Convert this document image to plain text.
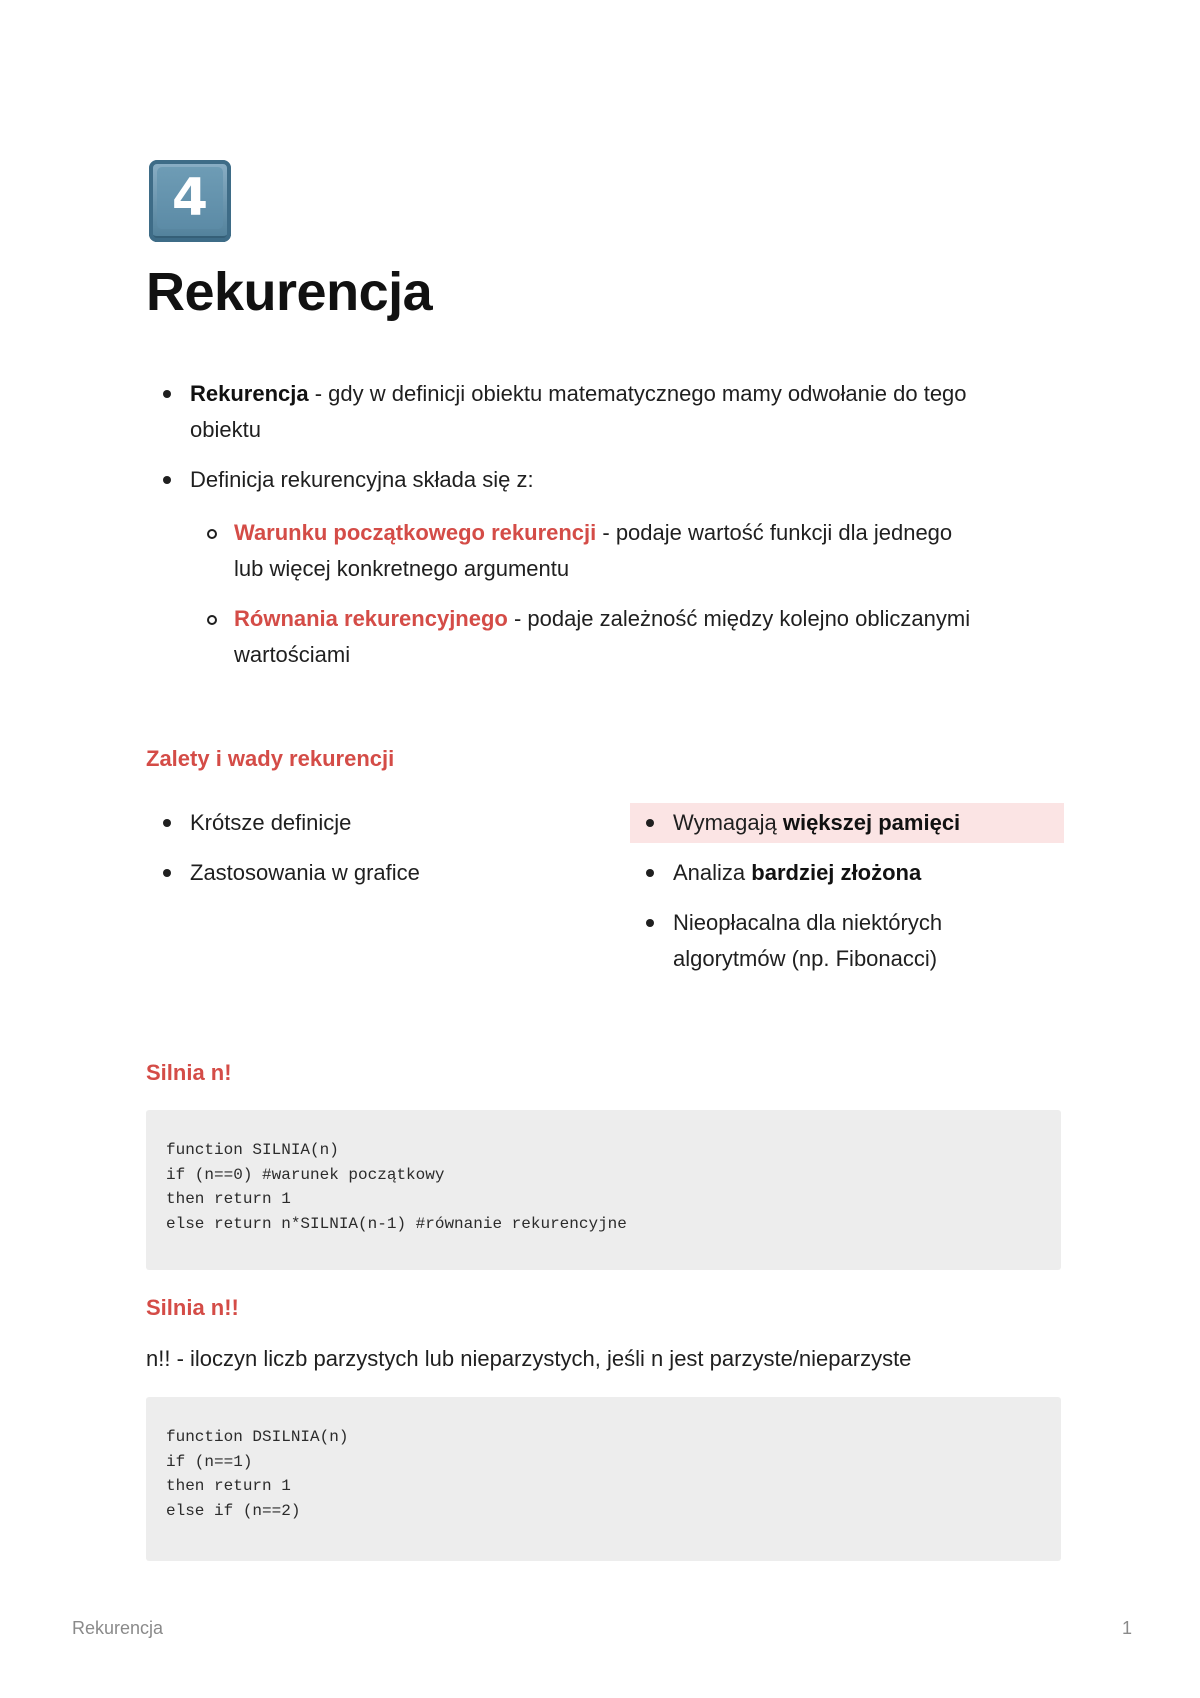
4
Rekurencja
Rekurencja - gdy w definicji obiektu matematycznego mamy odwołanie do tego
obiektu
Definicja rekurencyjna składa się z:
Warunku początkowego rekurencji - podaje wartość funkcji dla jednego
lub więcej konkretnego argumentu
Równania rekurencyjnego - podaje zależność między kolejno obliczanymi
wartościami
Zalety i wady rekurencji
Krótsze definicje
Zastosowania w grafice
Wymagają większej pamięci
Analiza bardziej złożona
Nieopłacalna dla niektórych
algorytmów (np. Fibonacci)
Silnia n!
function SILNIA(n)
if (n==0) #warunek początkowy
then return 1
else return n*SILNIA(n-1) #równanie rekurencyjne
Silnia n!!

n!! - iloczyn liczb parzystych lub nieparzystych, jeśli n jest parzyste/nieparzyste

function DSILNIA(n)
if (n==1)
then return 1
else if (n==2)
Rekurencja	1
